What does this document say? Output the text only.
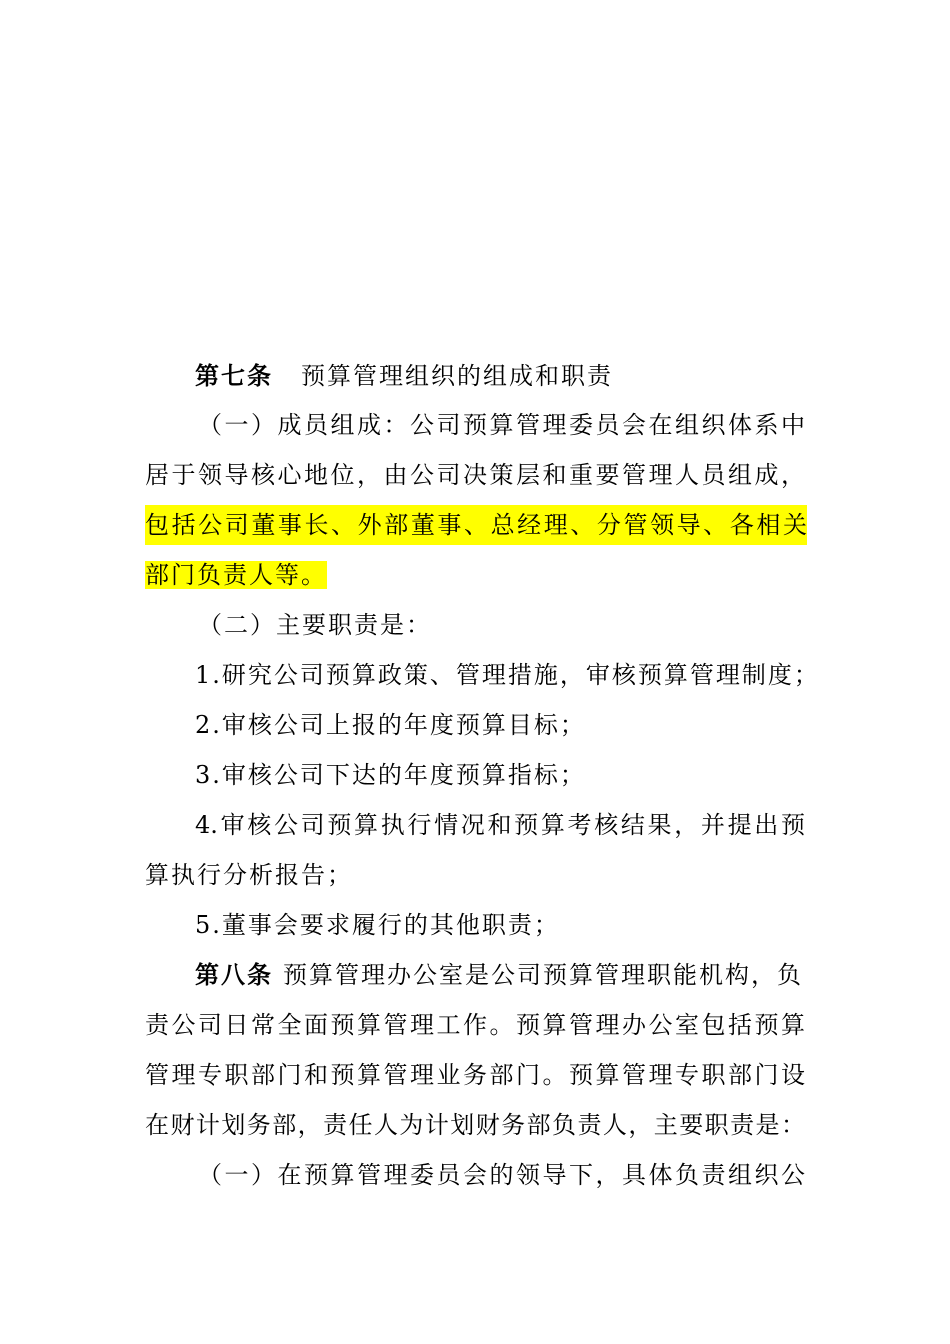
第七条 预算管理组织的组成和职责
（一）成员组成：公司预算管理委员会在组织体系中
居于领导核心地位，由公司决策层和重要管理人员组成，
包括公司董事长、外部董事、总经理、分管领导、各相关
部门负责人等。
（二）主要职责是：
1.研究公司预算政策、管理措施，审核预算管理制度；
2.审核公司上报的年度预算目标；
3.审核公司下达的年度预算指标；
4.审核公司预算执行情况和预算考核结果，并提出预
算执行分析报告；
5.董事会要求履行的其他职责；
第八条 预算管理办公室是公司预算管理职能机构，负
责公司日常全面预算管理工作。预算管理办公室包括预算
管理专职部门和预算管理业务部门。预算管理专职部门设
在财计划务部，责任人为计划财务部负责人，主要职责是：
（一）在预算管理委员会的领导下，具体负责组织公
